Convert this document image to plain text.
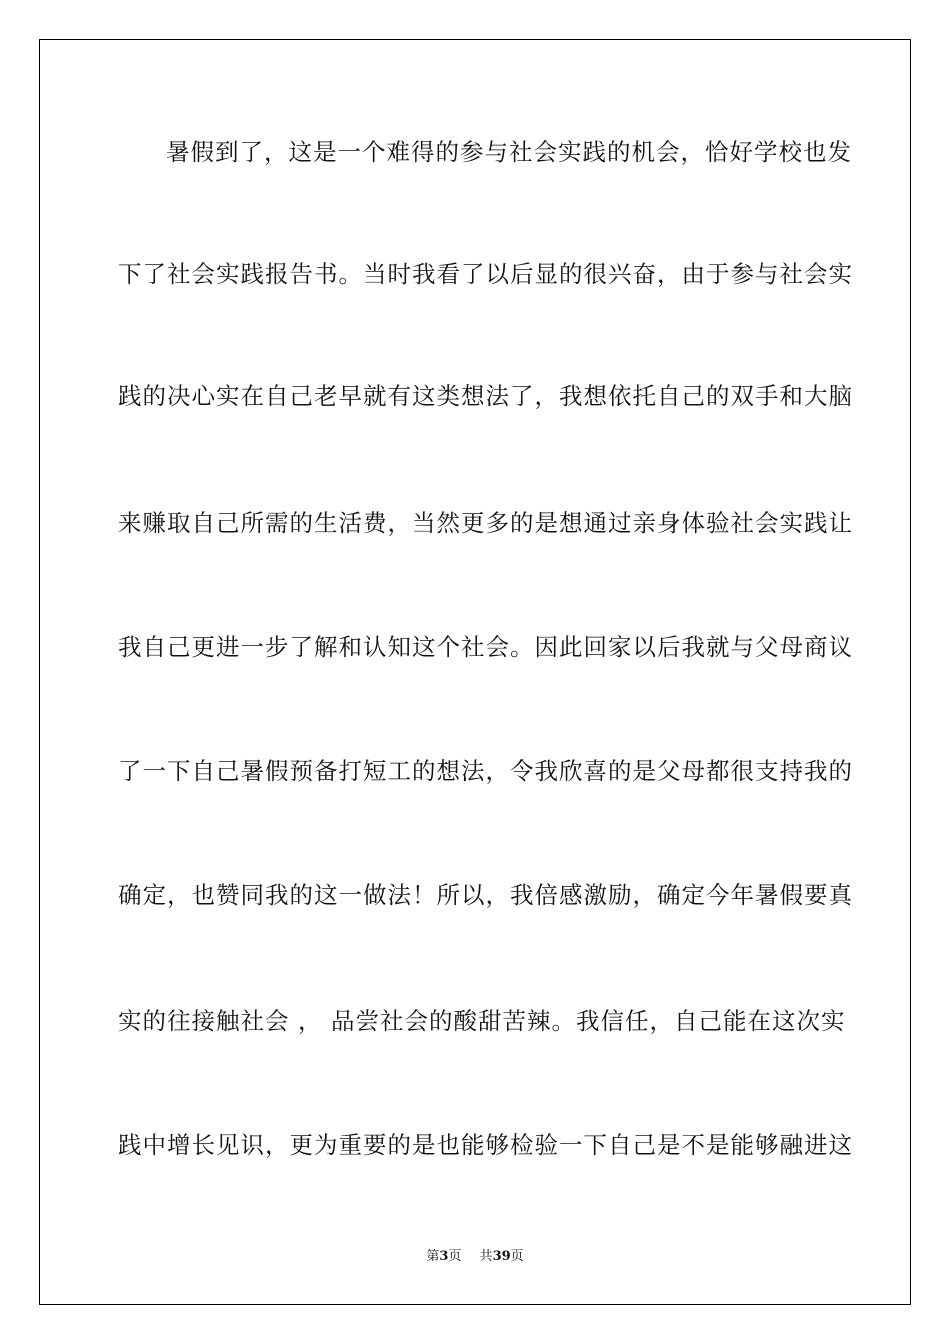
暑假到了，这是一个难得的参与社会实践的机会，恰好学校也发
下了社会实践报告书。当时我看了以后显的很兴奋，由于参与社会实
践的决心实在自己老早就有这类想法了，我想依托自己的双手和大脑
来赚取自己所需的生活费，当然更多的是想通过亲身体验社会实践让
我自己更进一步了解和认知这个社会。因此回家以后我就与父母商议
了一下自己暑假预备打短工的想法，令我欣喜的是父母都很支持我的
确定，也赞同我的这一做法！所以，我倍感激励，确定今年暑假要真
实的往接触社会 ， 品尝社会的酸甜苦辣。我信任，自己能在这次实
践中增长见识，更为重要的是也能够检验一下自己是不是能够融进这
第3页 共39页
